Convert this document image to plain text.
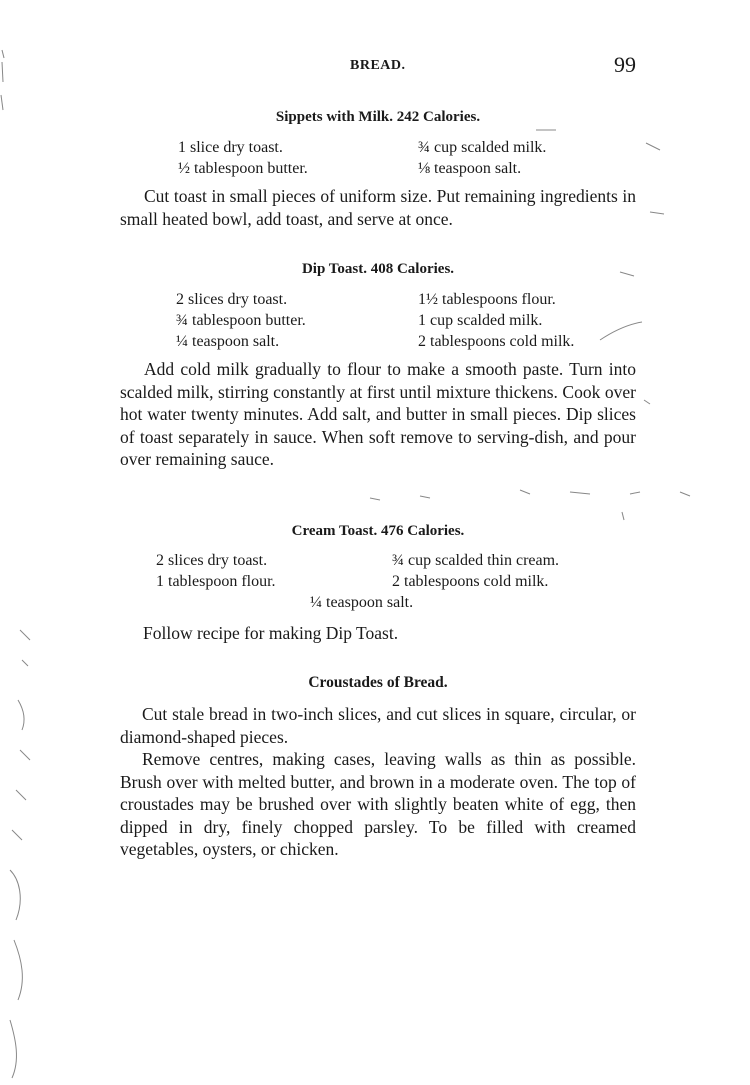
BREAD.	99
Sippets with Milk. 242 Calories.
1 slice dry toast.
½ tablespoon butter.
¾ cup scalded milk.
⅛ teaspoon salt.

Cut toast in small pieces of uniform size. Put remaining ingredients in small heated bowl, add toast, and serve at once.

Dip Toast. 408 Calories.
2 slices dry toast.
¾ tablespoon butter.
¼ teaspoon salt.
1½ tablespoons flour.
1 cup scalded milk.
2 tablespoons cold milk.

Add cold milk gradually to flour to make a smooth paste. Turn into scalded milk, stirring constantly at first until mixture thickens. Cook over hot water twenty minutes. Add salt, and butter in small pieces. Dip slices of toast separately in sauce. When soft remove to serving-dish, and pour over remaining sauce.

Cream Toast. 476 Calories.
2 slices dry toast.
1 tablespoon flour.
¾ cup scalded thin cream.
2 tablespoons cold milk.
¼ teaspoon salt.
Follow recipe for making Dip Toast.
Croustades of Bread.

Cut stale bread in two-inch slices, and cut slices in square, circular, or diamond-shaped pieces.

Remove centres, making cases, leaving walls as thin as possible. Brush over with melted butter, and brown in a moderate oven. The top of croustades may be brushed over with slightly beaten white of egg, then dipped in dry, finely chopped parsley. To be filled with creamed vegetables, oysters, or chicken.
